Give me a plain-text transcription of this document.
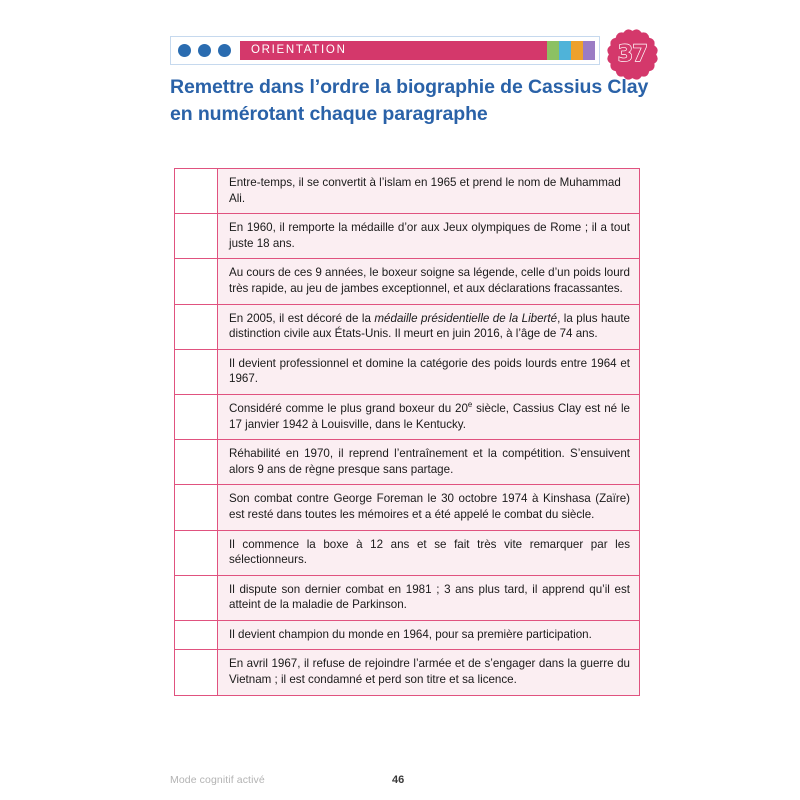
ORIENTATION	37
Remettre dans l’ordre la biographie de Cassius Clay
en numérotant chaque paragraphe
	Entre-temps, il se convertit à l’islam en 1965 et prend le nom de Muhammad Ali.
	En 1960, il remporte la médaille d’or aux Jeux olympiques de Rome ; il a tout juste 18 ans.
	Au cours de ces 9 années, le boxeur soigne sa légende, celle d’un poids lourd très rapide, au jeu de jambes exceptionnel, et aux déclarations fracassantes.
	En 2005, il est décoré de la médaille présidentielle de la Liberté, la plus haute distinction civile aux États-Unis. Il meurt en juin 2016, à l’âge de 74 ans.
	Il devient professionnel et domine la catégorie des poids lourds entre 1964 et 1967.
	Considéré comme le plus grand boxeur du 20e siècle, Cassius Clay est né le 17 janvier 1942 à Louisville, dans le Kentucky.
	Réhabilité en 1970, il reprend l’entraînement et la compétition. S’ensuivent alors 9 ans de règne presque sans partage.
	Son combat contre George Foreman le 30 octobre 1974 à Kinshasa (Zaïre) est resté dans toutes les mémoires et a été appelé le combat du siècle.
	Il commence la boxe à 12 ans et se fait très vite remarquer par les sélectionneurs.
	Il dispute son dernier combat en 1981 ; 3 ans plus tard, il apprend qu’il est atteint de la maladie de Parkinson.
	Il devient champion du monde en 1964, pour sa première participation.
	En avril 1967, il refuse de rejoindre l’armée et de s’engager dans la guerre du Vietnam ; il est condamné et perd son titre et sa licence.
Mode cognitif activé	46
